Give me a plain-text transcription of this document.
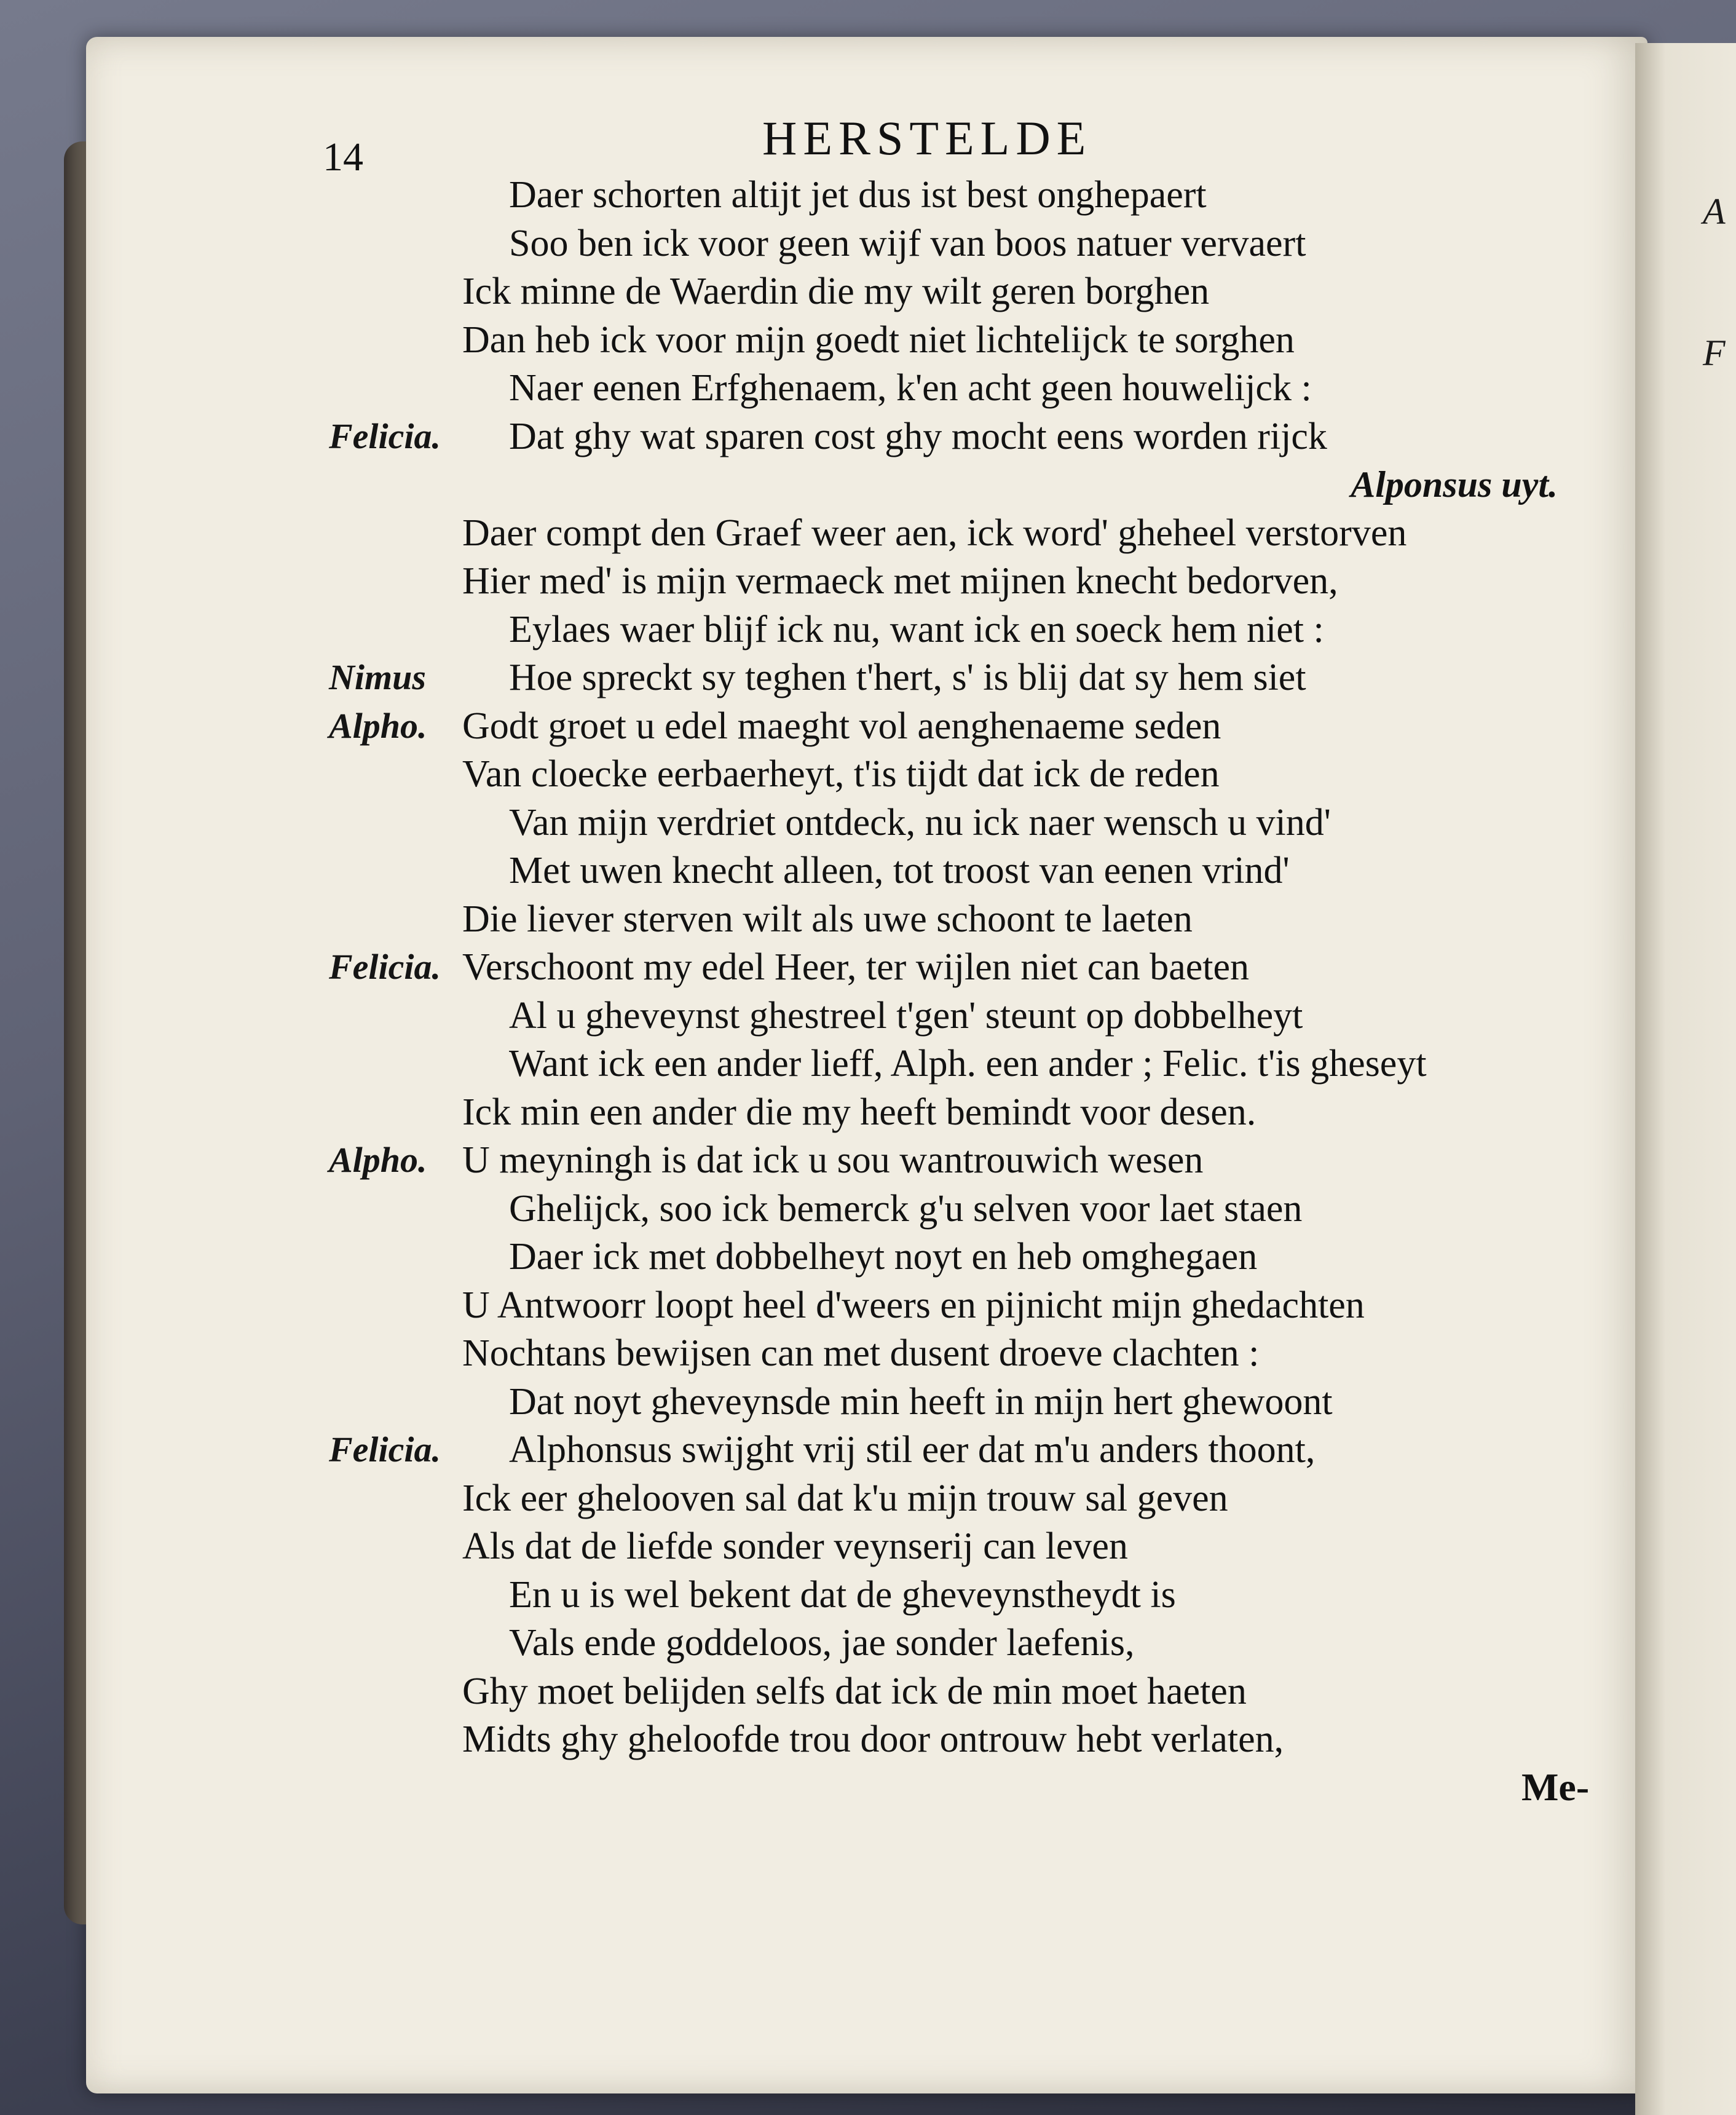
A
F
14	HERSTELDE
Daer schorten altijt jet dus ist best onghepaert
Soo ben ick voor geen wijf van boos natuer vervaert
Ick minne de Waerdin die my wilt geren borghen
Dan heb ick voor mijn goedt niet lichtelijck te sorghen
Naer eenen Erfghenaem, k'en acht geen houwelijck :
Felicia. Dat ghy wat sparen cost ghy mocht eens worden rijck
Alponsus uyt.
Daer compt den Graef weer aen, ick word' gheheel verstorven
Hier med' is mijn vermaeck met mijnen knecht bedorven,
Eylaes waer blijf ick nu, want ick en soeck hem niet :
Nimus Hoe spreckt sy teghen t'hert, s' is blij dat sy hem siet
Alpho. Godt groet u edel maeght vol aenghenaeme seden
Van cloecke eerbaerheyt, t'is tijdt dat ick de reden
Van mijn verdriet ontdeck, nu ick naer wensch u vind'
Met uwen knecht alleen, tot troost van eenen vrind'
Die liever sterven wilt als uwe schoont te laeten
Felicia. Verschoont my edel Heer, ter wijlen niet can baeten
Al u gheveynst ghestreel t'gen' steunt op dobbelheyt
Want ick een ander lieff, Alph. een ander ; Felic. t'is gheseyt
Ick min een ander die my heeft bemindt voor desen.
Alpho. U meyningh is dat ick u sou wantrouwich wesen
Ghelijck, soo ick bemerck g'u selven voor laet staen
Daer ick met dobbelheyt noyt en heb omghegaen
U Antwoorr loopt heel d'weers en pijnicht mijn ghedachten
Nochtans bewijsen can met dusent droeve clachten :
Dat noyt gheveynsde min heeft in mijn hert ghewoont
Felicia. Alphonsus swijght vrij stil eer dat m'u anders thoont,
Ick eer ghelooven sal dat k'u mijn trouw sal geven
Als dat de liefde sonder veynserij can leven
En u is wel bekent dat de gheveynstheydt is
Vals ende goddeloos, jae sonder laefenis,
Ghy moet belijden selfs dat ick de min moet haeten
Midts ghy gheloofde trou door ontrouw hebt verlaten,
Me-
